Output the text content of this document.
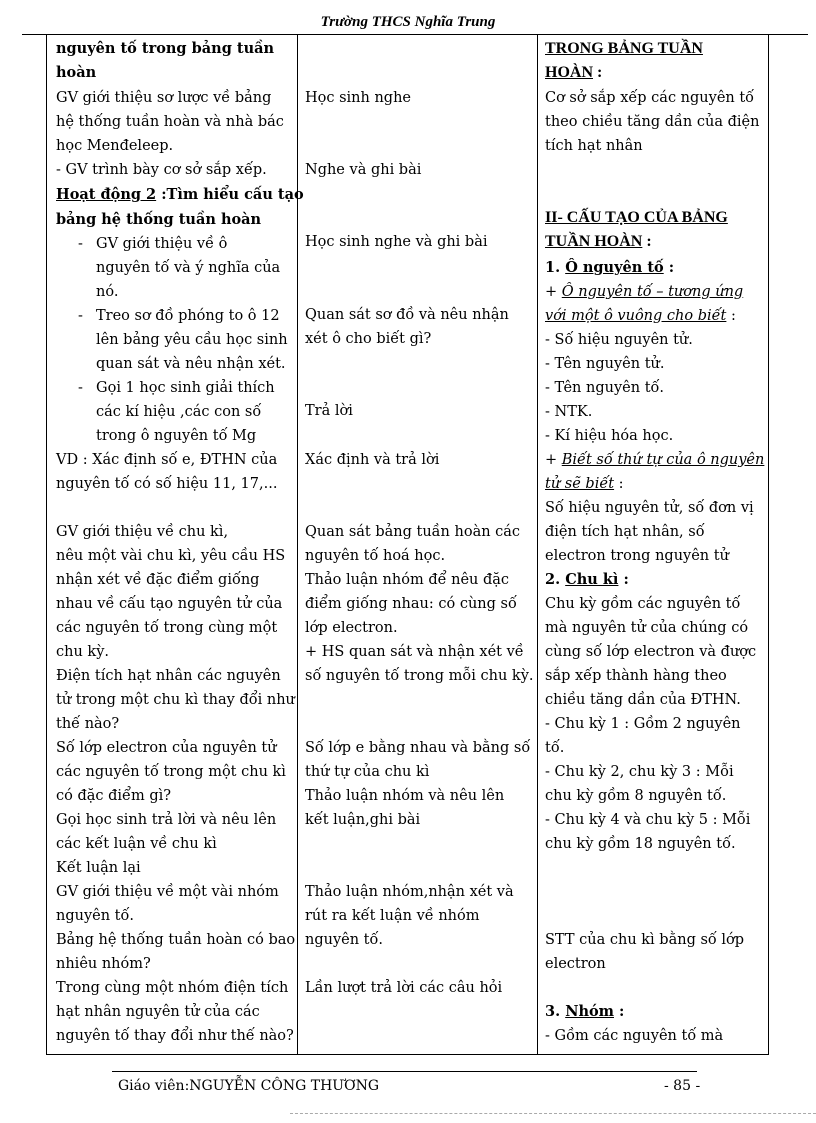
Trường THCS Nghĩa Trung
nguyên tố trong bảng tuần
hoàn
GV giới thiệu sơ lược về bảng
hệ thống tuần hoàn và nhà bác
học Menđeleep.
- GV trình bày cơ sở sắp xếp.
Hoạt động 2 :Tìm hiểu cấu tạo
bảng hệ thống tuần hoàn
- GV giới thiệu về ô
nguyên tố và ý nghĩa của
nó.
- Treo sơ đồ phóng to ô 12
lên bảng yêu cầu học sinh
quan sát và nêu nhận xét.
- Gọi 1 học sinh giải thích
các kí hiệu ,các con số
trong ô nguyên tố Mg
VD : Xác định số e, ĐTHN của
nguyên tố có số hiệu 11, 17,...
GV giới thiệu về chu kì,
nêu một vài chu kì, yêu cầu HS
nhận xét về đặc điểm giống
nhau về cấu tạo nguyên tử của
các nguyên tố trong cùng một
chu kỳ.
Điện tích hạt nhân các nguyên
tử trong một chu kì thay đổi như
thế nào?
Số lớp electron của nguyên tử
các nguyên tố trong một chu kì
có đặc điểm gì?
Gọi học sinh trả lời và nêu lên
các kết luận về chu kì
Kết luận lại
GV giới thiệu về một vài nhóm
nguyên tố.
Bảng hệ thống tuần hoàn có bao
nhiêu nhóm?
Trong cùng một nhóm điện tích
hạt nhân nguyên tử của các
nguyên tố thay đổi như thế nào?
Học sinh nghe
Nghe và ghi bài
Học sinh nghe và ghi bài
Quan sát sơ đồ và nêu nhận
xét ô cho biết gì?
Trả lời
Xác định và trả lời
Quan sát bảng tuần hoàn các
nguyên tố hoá học.
Thảo luận nhóm để nêu đặc
điểm giống nhau: có cùng số
lớp electron.
+ HS quan sát và nhận xét về
số nguyên tố trong mỗi chu kỳ.
Số lớp e bằng nhau và bằng số
thứ tự của chu kì
Thảo luận nhóm và nêu lên
kết luận,ghi bài
Thảo luận nhóm,nhận xét và
rút ra kết luận về nhóm
nguyên tố.
Lần lượt trả lời các câu hỏi
TRONG BẢNG TUẦN
HOÀN :
Cơ sở sắp xếp các nguyên tố
theo chiều tăng dần của điện
tích hạt nhân
II- CẤU TẠO CỦA BẢNG
TUẦN HOÀN :
1. Ô nguyên tố :
+ Ô nguyên tố – tương ứng
với một ô vuông cho biết :
- Số hiệu nguyên tử.
- Tên nguyên tử.
- Tên nguyên tố.
- NTK.
- Kí hiệu hóa học.
+ Biết số thứ tự của ô nguyên
tử sẽ biết :
Số hiệu nguyên tử, số đơn vị
điện tích hạt nhân, số
electron trong nguyên tử
2. Chu kì :
Chu kỳ gồm các nguyên tố
mà nguyên tử của chúng có
cùng số lớp electron và được
sắp xếp thành hàng theo
chiều tăng dần của ĐTHN.
- Chu kỳ 1 : Gồm 2 nguyên
tố.
- Chu kỳ 2, chu kỳ 3 : Mỗi
chu kỳ gồm 8 nguyên tố.
- Chu kỳ 4 và chu kỳ 5 : Mỗi
chu kỳ gồm 18 nguyên tố.
STT của chu kì bằng số lớp
electron
3. Nhóm :
- Gồm các nguyên tố mà
Giáo viên:NGUYỄN CÔNG THƯƠNG	- 85 -
